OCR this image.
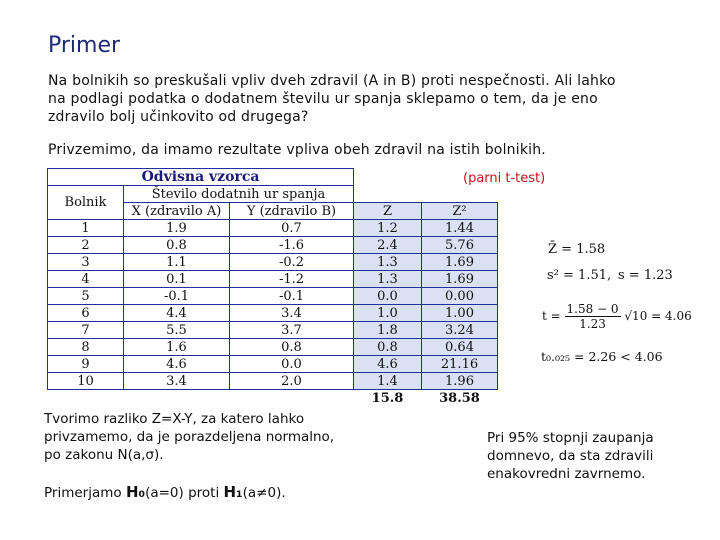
Primer
Na bolnikih so preskušali vpliv dveh zdravil (A in B) proti nespečnosti. Ali lahko
na podlagi podatka o dodatnem številu ur spanja sklepamo o tem, da je eno
zdravilo bolj učinkovito od drugega?
Privzemimo, da imamo rezultate vpliva obeh zdravil na istih bolnikih.
(parni t-test)
Odvisna vzorca				
Bolnik	Število dodatnih ur spanja			
	X (zdravilo A)	Y (zdravilo B)	Z	Z²
1	1.9	0.7	1.2	1.44
2	0.8	-1.6	2.4	5.76
3	1.1	-0.2	1.3	1.69
4	0.1	-1.2	1.3	1.69
5	-0.1	-0.1	0.0	0.00
6	4.4	3.4	1.0	1.00
7	5.5	3.7	1.8	3.24
8	1.6	0.8	0.8	0.64
9	4.6	0.0	4.6	21.16
10	3.4	2.0	1.4	1.96
			15.8	38.58
Z̄ = 1.58
s² = 1.51, s = 1.23
$t = \frac{1.58 - 0}{1.23} √10 = 4.06$
t₀.₀₂₅ = 2.26 < 4.06
Tvorimo razliko Z=X-Y, za katero lahko
privzamemo, da je porazdeljena normalno,
po zakonu N(a,σ).
Primerjamo H₀(a=0) proti H₁(a≠0).
Pri 95% stopnji zaupanja
domnevo, da sta zdravili
enakovredni zavrnemo.
